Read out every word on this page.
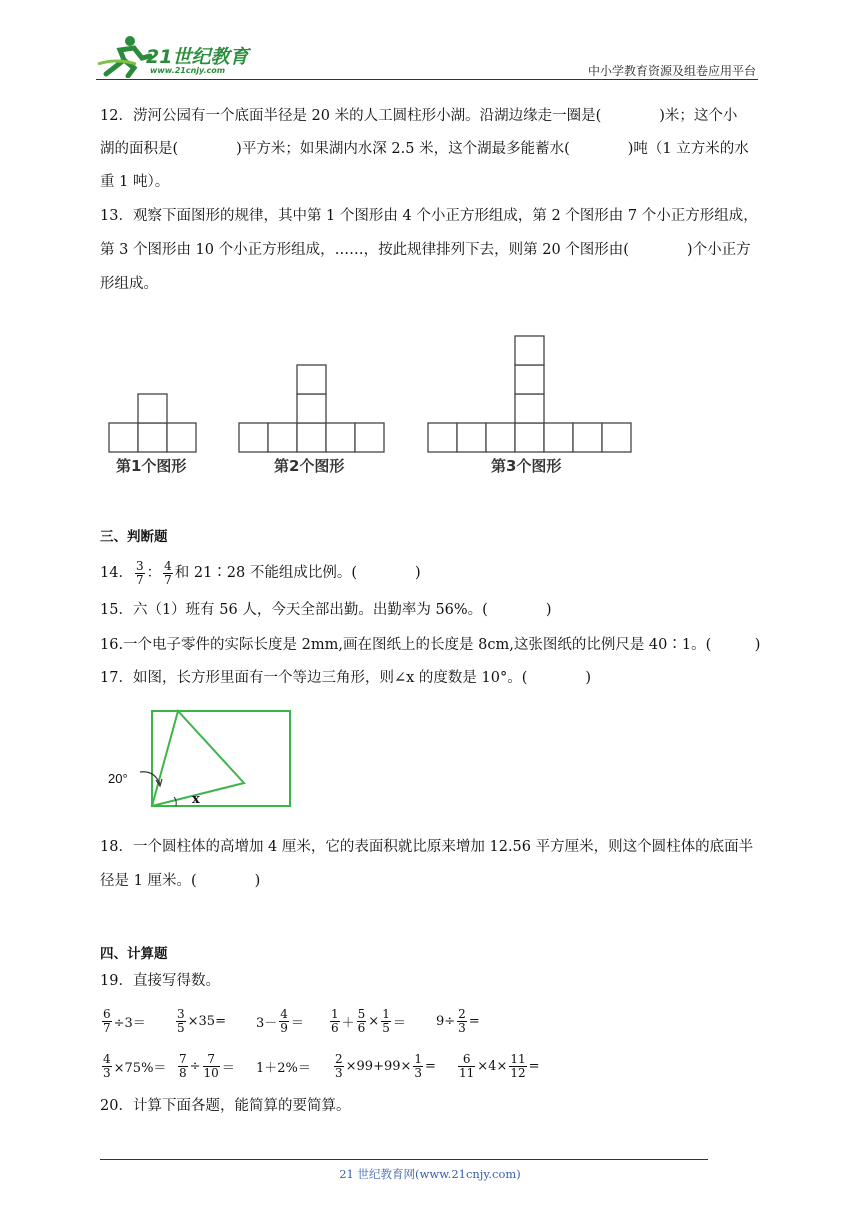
21世纪教育
www.21cnjy.com	中小学教育资源及组卷应用平台
12．涝河公园有一个底面半径是 20 米的人工圆柱形小湖。沿湖边缘走一圈是(　　　　)米；这个小
湖的面积是(　　　　)平方米；如果湖内水深 2.5 米，这个湖最多能蓄水(　　　　)吨（1 立方米的水
重 1 吨）。
13．观察下面图形的规律，其中第 1 个图形由 4 个小正方形组成，第 2 个图形由 7 个小正方形组成，
第 3 个图形由 10 个小正方形组成，……，按此规律排列下去，则第 20 个图形由(　　　　)个小正方
形组成。
第1个图形	第2个图形	第3个图形
三、判断题
14． $\frac{3}{7}$ ： $\frac{4}{7}$ 和 21∶28 不能组成比例。(　　　　)
15．六（1）班有 56 人，今天全部出勤。出勤率为 56%。(　　　　)
16.一个电子零件的实际长度是 2mm,画在图纸上的长度是 8cm,这张图纸的比例尺是 40∶1。(　　　)
17．如图，长方形里面有一个等边三角形，则∠x 的度数是 10°。(　　　　)
20°
x
18．一个圆柱体的高增加 4 厘米，它的表面积就比原来增加 12.56 平方厘米，则这个圆柱体的底面半
径是 1 厘米。(　　　　)
四、计算题
19．直接写得数。
$\frac{6}{7} \div 3=$	$\frac{3}{5} \times 35= 3- \frac{4}{9} = \frac{1}{6} + \frac{5}{6} \times \frac{1}{5} = 9\div \frac{2}{3}$ =
$\frac{4}{3} \times 75\%= \frac{7}{8} \div \frac{7}{10} = 1+2\%= \frac{2}{3} \times 99+99\times \frac{1}{3} = \frac{6}{11} \times 4\times \frac{11}{12}$ =
20．计算下面各题，能简算的要简算。
21 世纪教育网(www.21cnjy.com)
